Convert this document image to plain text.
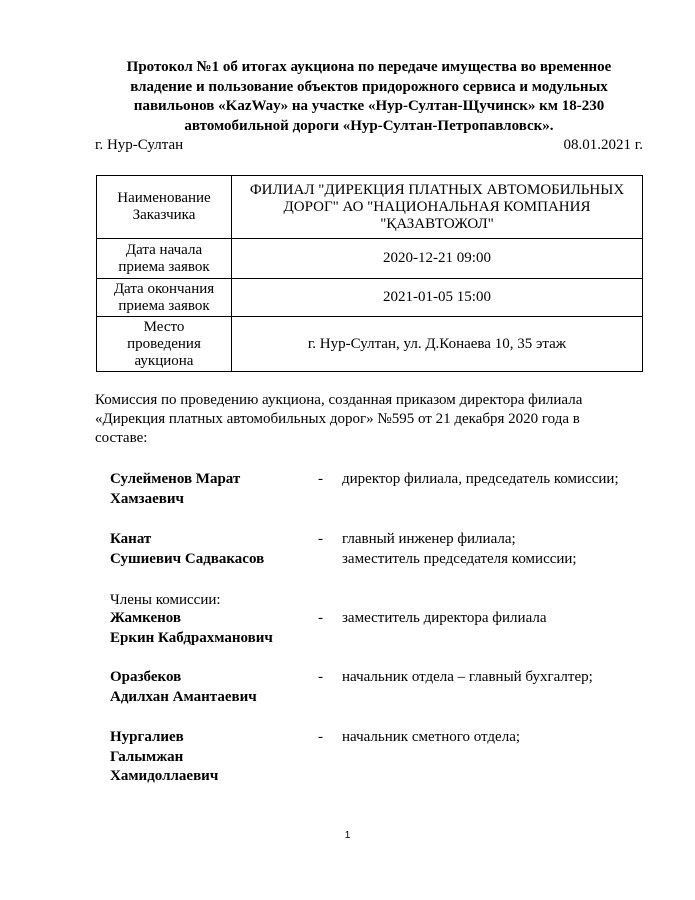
Протокол №1 об итогах аукциона по передаче имущества во временное
владение и пользование объектов придорожного сервиса и модульных
павильонов «KazWay» на участке «Нур-Султан-Щучинск» км 18-230
автомобильной дороги «Нур-Султан-Петропавловск».
г. Нур-Султан	08.01.2021 г.
Наименование
Заказчика	ФИЛИАЛ "ДИРЕКЦИЯ ПЛАТНЫХ АВТОМОБИЛЬНЫХ
ДОРОГ" АО "НАЦИОНАЛЬНАЯ КОМПАНИЯ
"ҚАЗАВТОЖОЛ"

Дата начала
приема заявок	2020-12-21 09:00

Дата окончания
приема заявок	2021-01-05 15:00

Место
проведения
аукциона	г. Нур-Султан, ул. Д.Конаева 10, 35 этаж
Комиссия по проведению аукциона, созданная приказом директора филиала
«Дирекция платных автомобильных дорог» №595 от 21 декабря 2020 года в
составе:
Сулейменов Марат
Хамзаевич
- директор филиала, председатель комиссии;
Канат
Сушиевич Садвакасов
- главный инженер филиала;
заместитель председателя комиссии;
Члены комиссии:
Жамкенов
Еркин Кабдрахманович
- заместитель директора филиала
Оразбеков
Адилхан Амантаевич
- начальник отдела – главный бухгалтер;
Нургалиев
Галымжан
Хамидоллаевич
- начальник сметного отдела;
1
